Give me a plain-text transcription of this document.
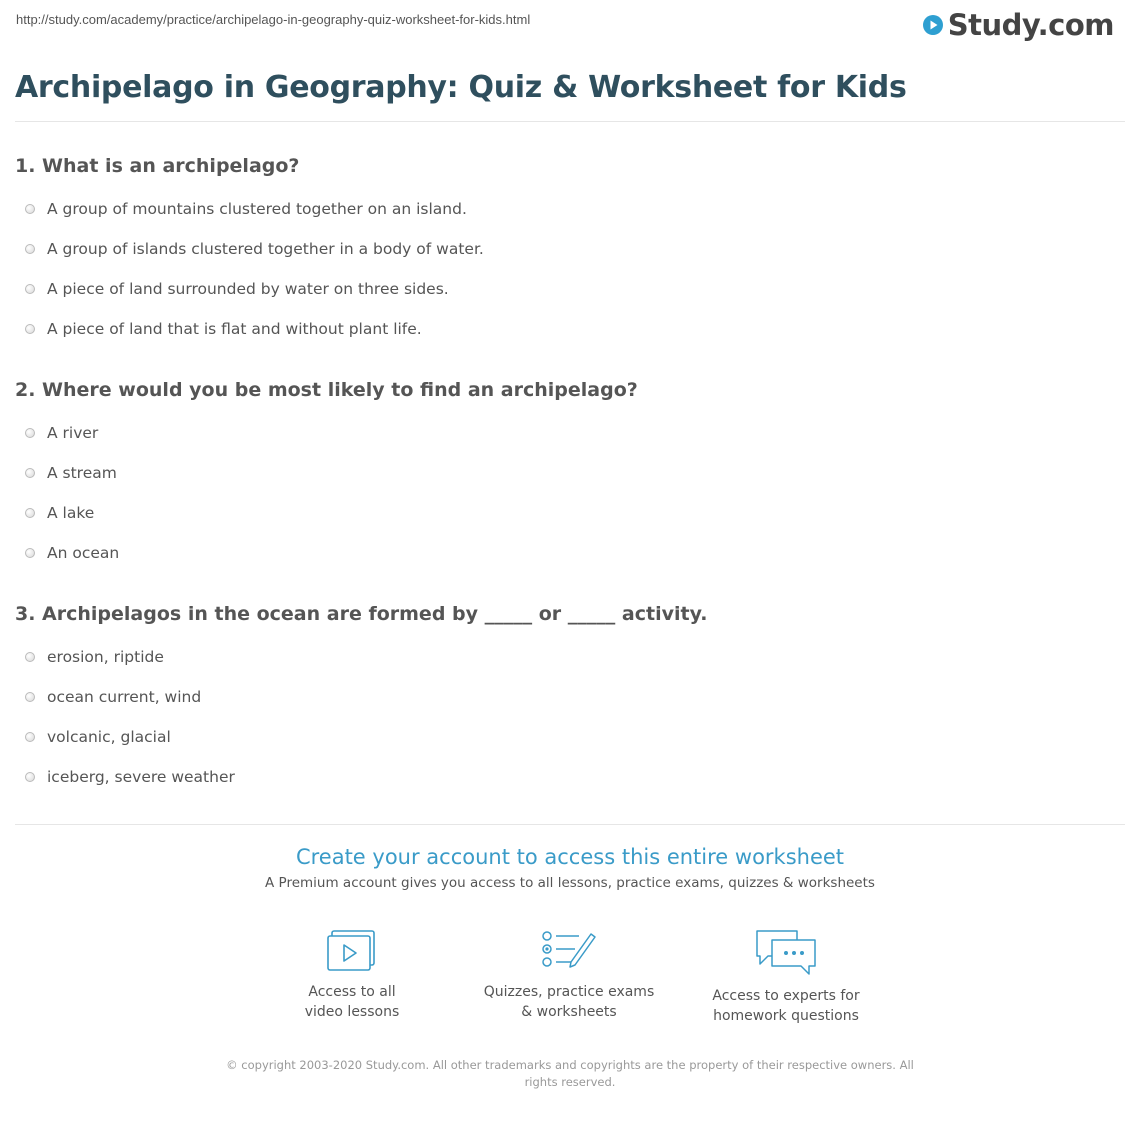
http://study.com/academy/practice/archipelago-in-geography-quiz-worksheet-for-kids.html	Study.com
Archipelago in Geography: Quiz & Worksheet for Kids
1. What is an archipelago?
A group of mountains clustered together on an island.
A group of islands clustered together in a body of water.
A piece of land surrounded by water on three sides.
A piece of land that is flat and without plant life.
2. Where would you be most likely to find an archipelago?
A river
A stream
A lake
An ocean
3. Archipelagos in the ocean are formed by _____ or _____ activity.
erosion, riptide
ocean current, wind
volcanic, glacial
iceberg, severe weather
Create your account to access this entire worksheet
A Premium account gives you access to all lessons, practice exams, quizzes & worksheets
Access to all
video lessons
Quizzes, practice exams
& worksheets
Access to experts for
homework questions
© copyright 2003-2020 Study.com. All other trademarks and copyrights are the property of their respective owners. All rights reserved.
